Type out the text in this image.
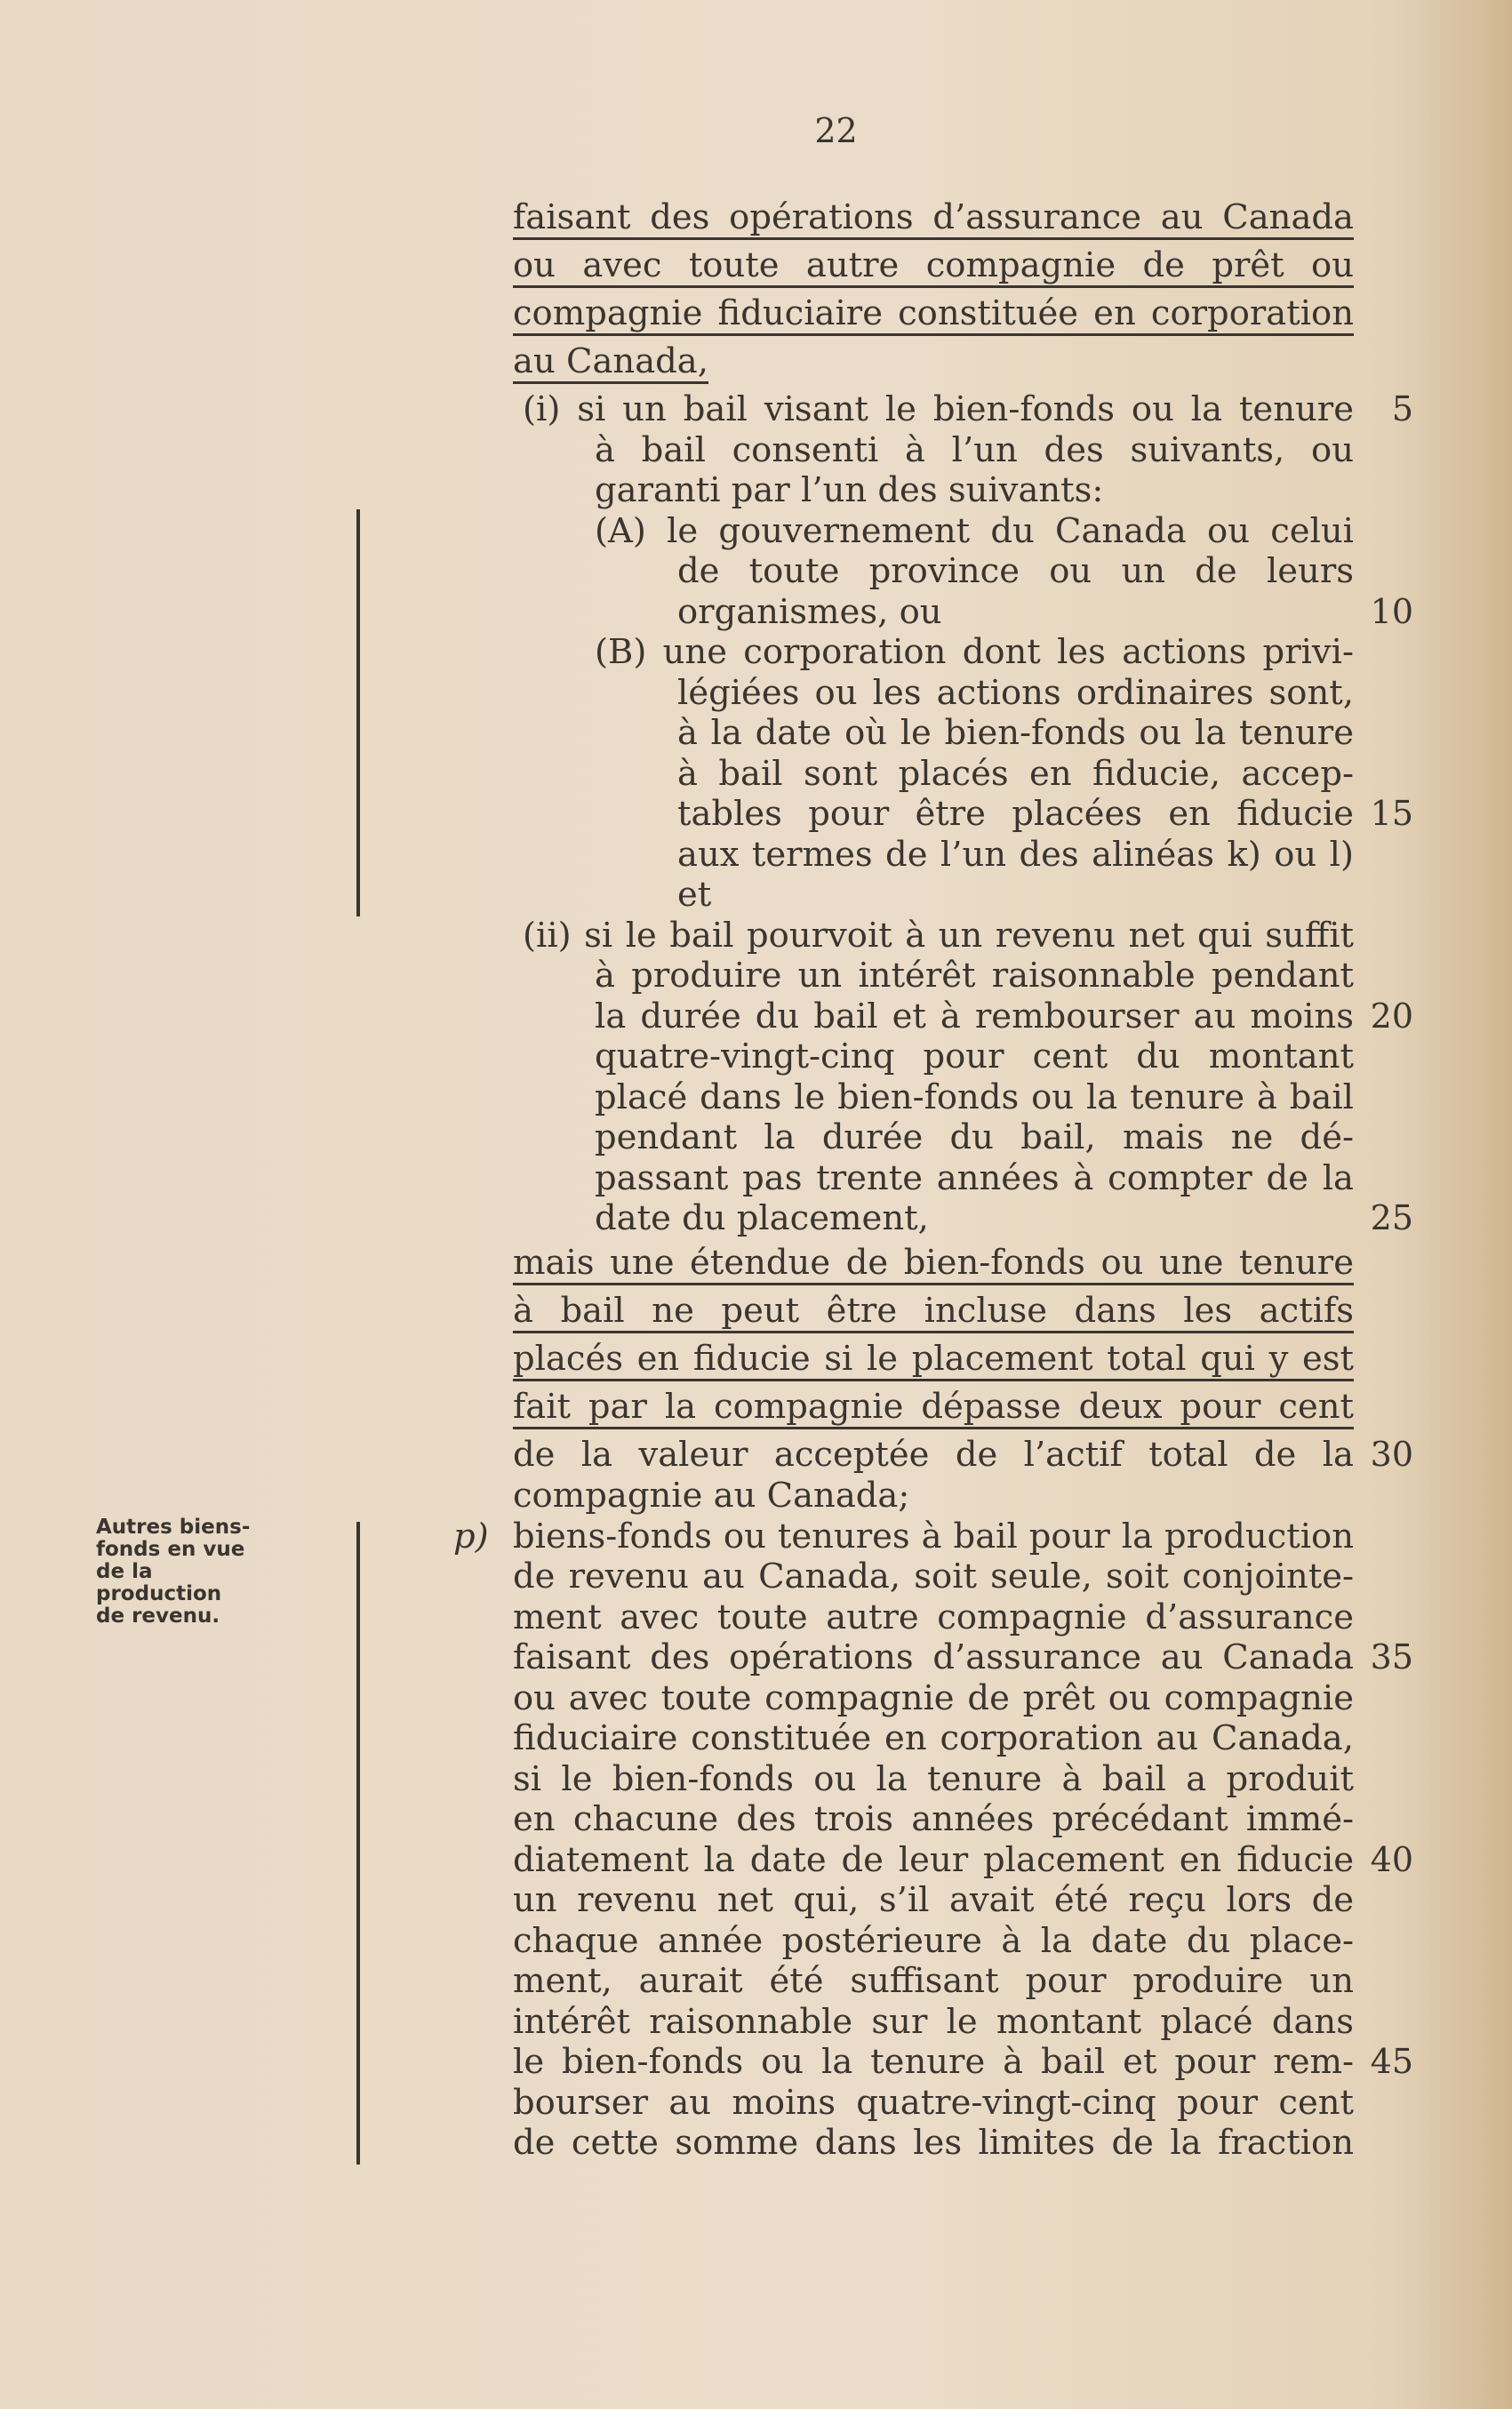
22
Autres biens-
fonds en vue
de la
production
de revenu.
p)
faisant des opérations d’assurance au Canada
ou avec toute autre compagnie de prêt ou
compagnie fiduciaire constituée en corporation
au Canada,
(i) si un bail visant le bien-fonds ou la tenure
à bail consenti à l’un des suivants, ou
garanti par l’un des suivants:
(A) le gouvernement du Canada ou celui
de toute province ou un de leurs
organismes, ou
(B) une corporation dont les actions privi-
légiées ou les actions ordinaires sont,
à la date où le bien-fonds ou la tenure
à bail sont placés en fiducie, accep-
tables pour être placées en fiducie
aux termes de l’un des alinéas k) ou l)
et
(ii) si le bail pourvoit à un revenu net qui suffit
à produire un intérêt raisonnable pendant
la durée du bail et à rembourser au moins
quatre-vingt-cinq pour cent du montant
placé dans le bien-fonds ou la tenure à bail
pendant la durée du bail, mais ne dé-
passant pas trente années à compter de la
date du placement,
mais une étendue de bien-fonds ou une tenure
à bail ne peut être incluse dans les actifs
placés en fiducie si le placement total qui y est
fait par la compagnie dépasse deux pour cent
de la valeur acceptée de l’actif total de la
compagnie au Canada;
biens-fonds ou tenures à bail pour la production
de revenu au Canada, soit seule, soit conjointe-
ment avec toute autre compagnie d’assurance
faisant des opérations d’assurance au Canada
ou avec toute compagnie de prêt ou compagnie
fiduciaire constituée en corporation au Canada,
si le bien-fonds ou la tenure à bail a produit
en chacune des trois années précédant immé-
diatement la date de leur placement en fiducie
un revenu net qui, s’il avait été reçu lors de
chaque année postérieure à la date du place-
ment, aurait été suffisant pour produire un
intérêt raisonnable sur le montant placé dans
le bien-fonds ou la tenure à bail et pour rem-
bourser au moins quatre-vingt-cinq pour cent
de cette somme dans les limites de la fraction
5
10
15
20
25
30
35
40
45
